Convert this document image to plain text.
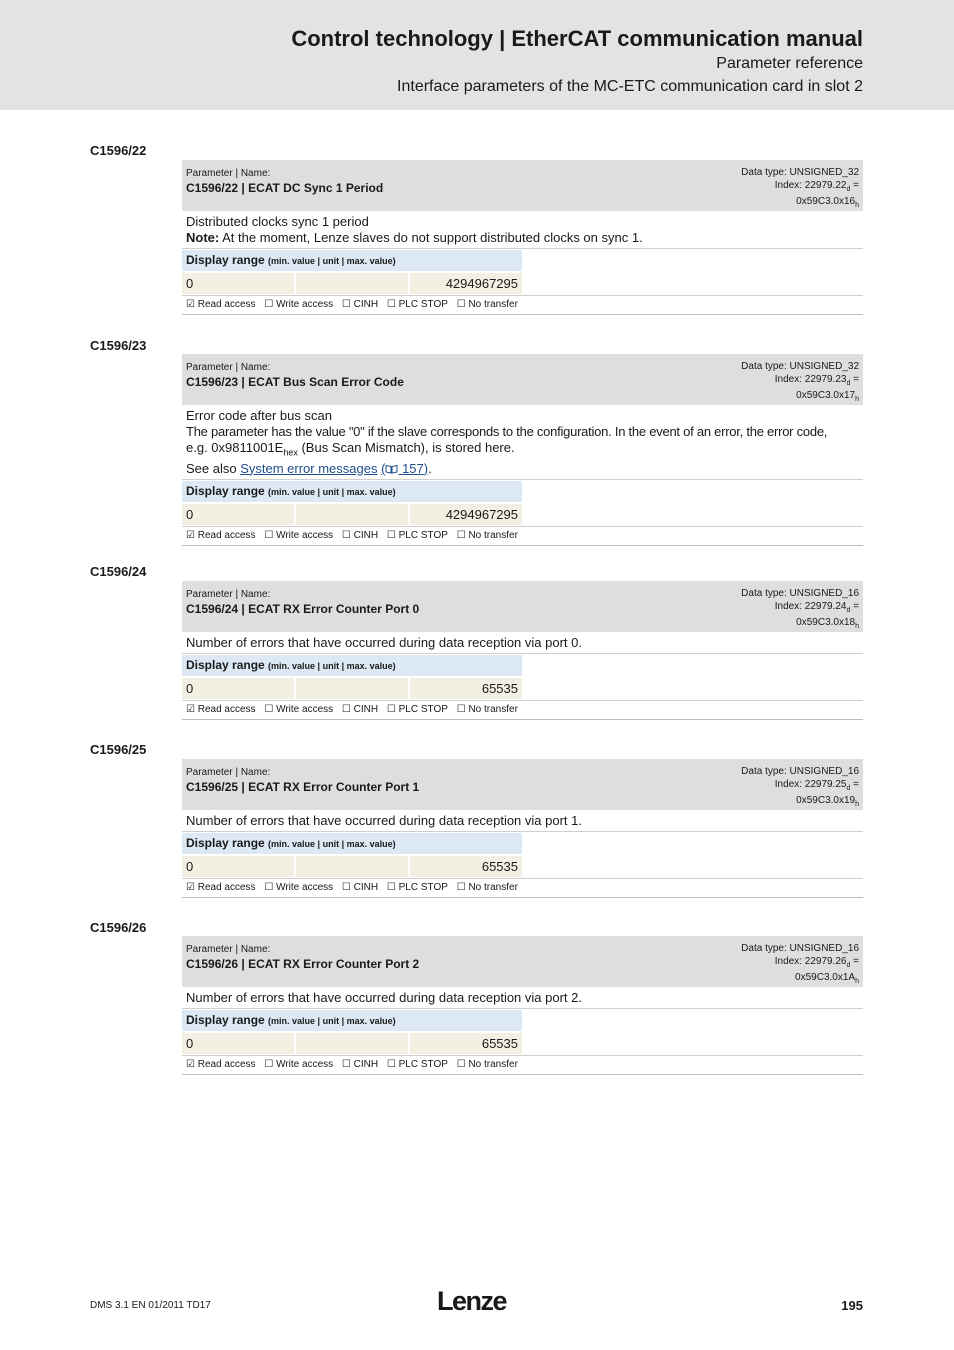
Control technology | EtherCAT communication manual
Parameter reference
Interface parameters of the MC-ETC communication card in slot 2
C1596/22
Parameter | Name:
C1596/22 | ECAT DC Sync 1 Period
Data type: UNSIGNED_32
Index: $22979.22_d$ =
$0x59C3.0x16_h$
Distributed clocks sync 1 period
Note: At the moment, Lenze slaves do not support distributed clocks on sync 1.
Display range (min. value | unit | max. value)
0	4294967295
☑ Read access ☐ Write access ☐ CINH ☐ PLC STOP ☐ No transfer
C1596/23
Parameter | Name:
C1596/23 | ECAT Bus Scan Error Code
Data type: UNSIGNED_32
Index: $22979.23_d$ =
$0x59C3.0x17_h$
Error code after bus scan
The parameter has the value "0" if the slave corresponds to the configuration. In the event of an error, the error code,
e.g. $0x9811001E_{hex}$ (Bus Scan Mismatch), is stored here.
See also System error messages ( 157).
Display range (min. value | unit | max. value)
0	4294967295
☑ Read access ☐ Write access ☐ CINH ☐ PLC STOP ☐ No transfer
C1596/24
Parameter | Name:
C1596/24 | ECAT RX Error Counter Port 0
Data type: UNSIGNED_16
Index: $22979.24_d$ =
$0x59C3.0x18_h$
Number of errors that have occurred during data reception via port 0.
Display range (min. value | unit | max. value)
0	65535
☑ Read access ☐ Write access ☐ CINH ☐ PLC STOP ☐ No transfer
C1596/25
Parameter | Name:
C1596/25 | ECAT RX Error Counter Port 1
Data type: UNSIGNED_16
Index: $22979.25_d$ =
$0x59C3.0x19_h$
Number of errors that have occurred during data reception via port 1.
Display range (min. value | unit | max. value)
0	65535
☑ Read access ☐ Write access ☐ CINH ☐ PLC STOP ☐ No transfer
C1596/26
Parameter | Name:
C1596/26 | ECAT RX Error Counter Port 2
Data type: UNSIGNED_16
Index: $22979.26_d$ =
$0x59C3.0x1A_h$
Number of errors that have occurred during data reception via port 2.
Display range (min. value | unit | max. value)
0	65535
☑ Read access ☐ Write access ☐ CINH ☐ PLC STOP ☐ No transfer
DMS 3.1 EN 01/2011 TD17	Lenze	195
